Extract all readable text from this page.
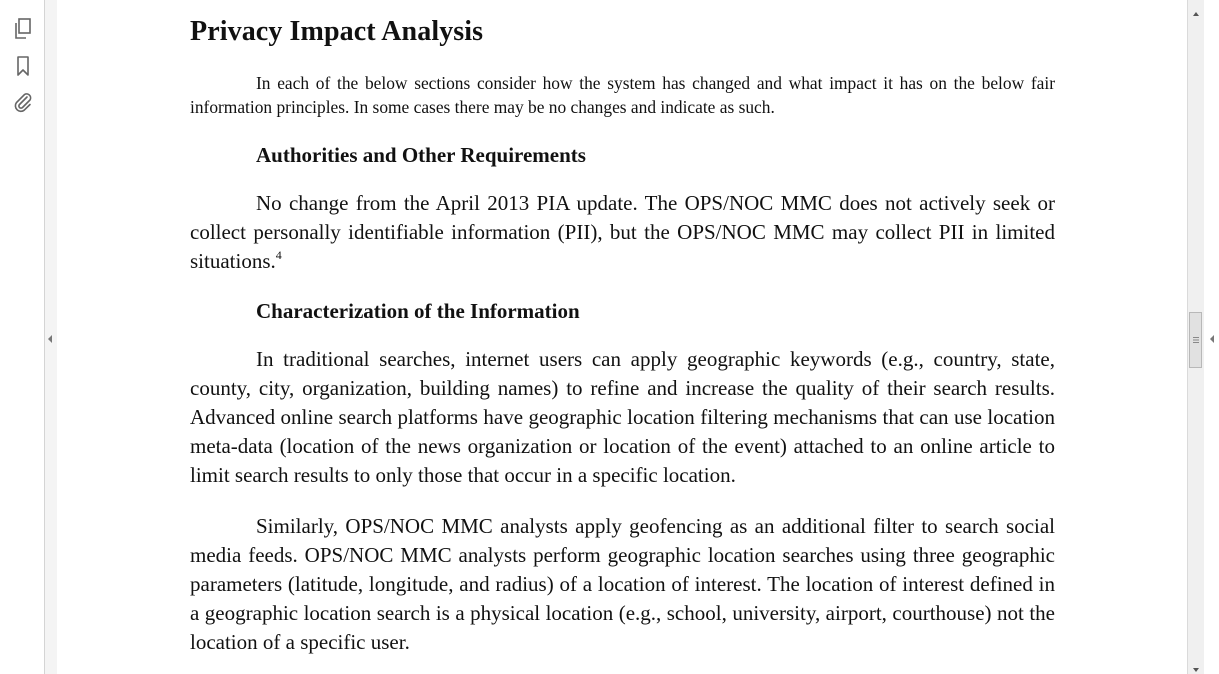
Privacy Impact Analysis

In each of the below sections consider how the system has changed and what impact it has on the below fair information principles. In some cases there may be no changes and indicate as such.

Authorities and Other Requirements

No change from the April 2013 PIA update. The OPS/NOC MMC does not actively seek or collect personally identifiable information (PII), but the OPS/NOC MMC may collect PII in limited situations.$^4$

Characterization of the Information

In traditional searches, internet users can apply geographic keywords (e.g., country, state, county, city, organization, building names) to refine and increase the quality of their search results. Advanced online search platforms have geographic location filtering mechanisms that can use location meta-data (location of the news organization or location of the event) attached to an online article to limit search results to only those that occur in a specific location.

Similarly, OPS/NOC MMC analysts apply geofencing as an additional filter to search social media feeds. OPS/NOC MMC analysts perform geographic location searches using three geographic parameters (latitude, longitude, and radius) of a location of interest. The location of interest defined in a geographic location search is a physical location (e.g., school, university, airport, courthouse) not the location of a specific user.
